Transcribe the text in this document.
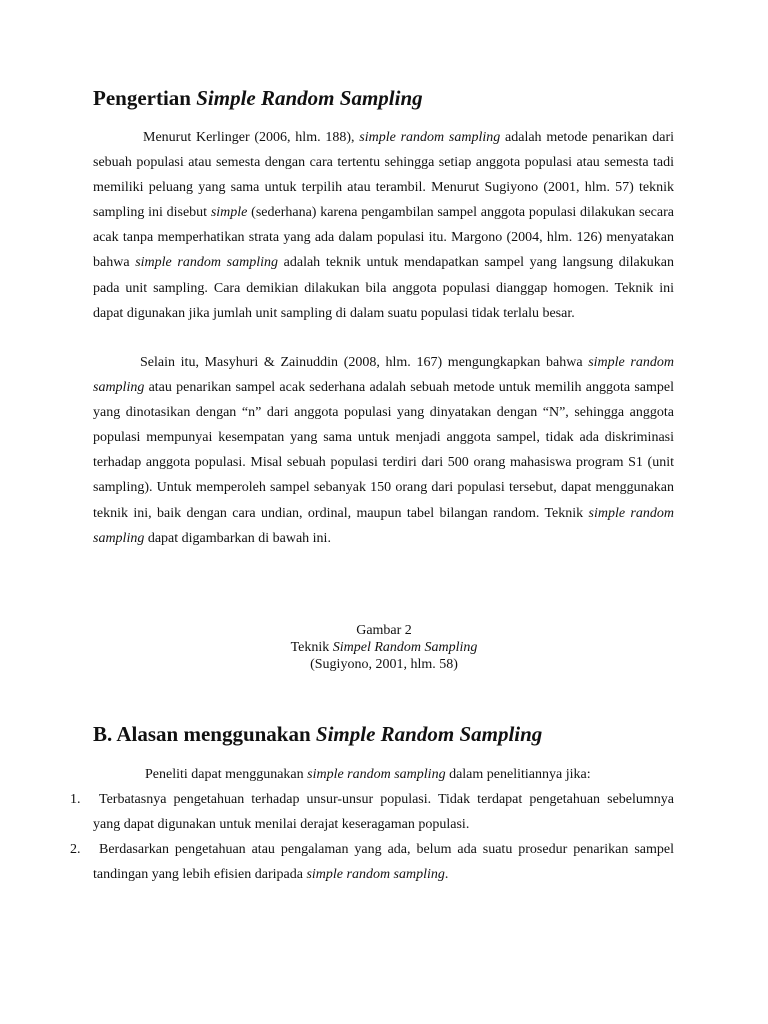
Pengertian Simple Random Sampling

Menurut Kerlinger (2006, hlm. 188), simple random sampling adalah metode penarikan dari sebuah populasi atau semesta dengan cara tertentu sehingga setiap anggota populasi atau semesta tadi memiliki peluang yang sama untuk terpilih atau terambil. Menurut Sugiyono (2001, hlm. 57) teknik sampling ini disebut simple (sederhana) karena pengambilan sampel anggota populasi dilakukan secara acak tanpa memperhatikan strata yang ada dalam populasi itu. Margono (2004, hlm. 126) menyatakan bahwa simple random sampling adalah teknik untuk mendapatkan sampel yang langsung dilakukan pada unit sampling. Cara demikian dilakukan bila anggota populasi dianggap homogen. Teknik ini dapat digunakan jika jumlah unit sampling di dalam suatu populasi tidak terlalu besar.

Selain itu, Masyhuri & Zainuddin (2008, hlm. 167) mengungkapkan bahwa simple random sampling atau penarikan sampel acak sederhana adalah sebuah metode untuk memilih anggota sampel yang dinotasikan dengan “n” dari anggota populasi yang dinyatakan dengan “N”, sehingga anggota populasi mempunyai kesempatan yang sama untuk menjadi anggota sampel, tidak ada diskriminasi terhadap anggota populasi. Misal sebuah populasi terdiri dari 500 orang mahasiswa program S1 (unit sampling). Untuk memperoleh sampel sebanyak 150 orang dari populasi tersebut, dapat menggunakan teknik ini, baik dengan cara undian, ordinal, maupun tabel bilangan random. Teknik simple random sampling dapat digambarkan di bawah ini.

Gambar 2
Teknik Simpel Random Sampling
(Sugiyono, 2001, hlm. 58)
B. Alasan menggunakan Simple Random Sampling

Peneliti dapat menggunakan simple random sampling dalam penelitiannya jika:

1.	Terbatasnya pengetahuan terhadap unsur-unsur populasi. Tidak terdapat pengetahuan sebelumnya yang dapat digunakan untuk menilai derajat keseragaman populasi.
2.	Berdasarkan pengetahuan atau pengalaman yang ada, belum ada suatu prosedur penarikan sampel tandingan yang lebih efisien daripada simple random sampling.
